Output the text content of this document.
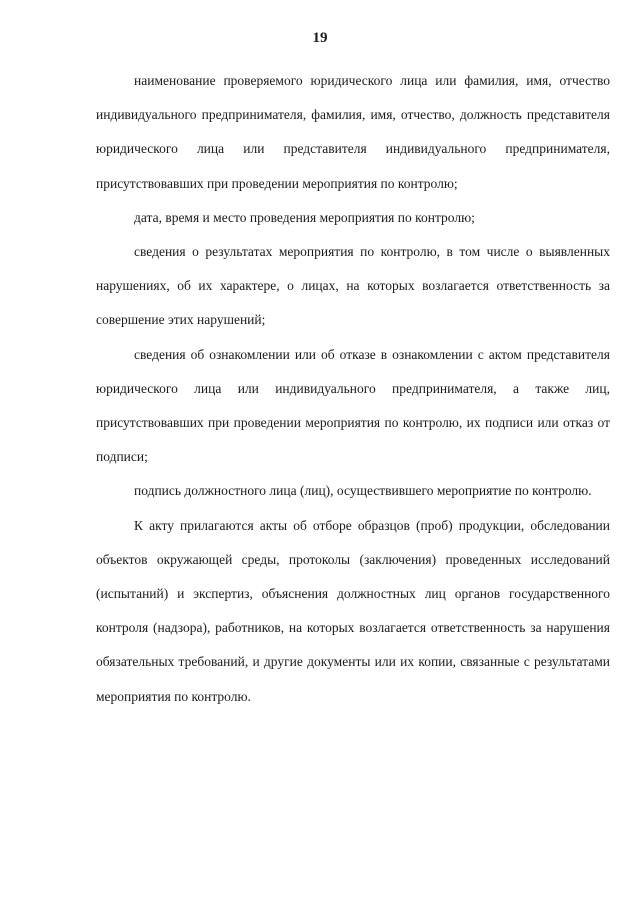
19

наименование проверяемого юридического лица или фамилия, имя, отчество индивидуального предпринимателя, фамилия, имя, отчество, должность представителя юридического лица или представителя индивидуального предпринимателя, присутствовавших при проведении мероприятия по контролю;

дата, время и место проведения мероприятия по контролю;

сведения о результатах мероприятия по контролю, в том числе о выявленных нарушениях, об их характере, о лицах, на которых возлагается ответственность за совершение этих нарушений;

сведения об ознакомлении или об отказе в ознакомлении с актом представителя юридического лица или индивидуального предпринимателя, а также лиц, присутствовавших при проведении мероприятия по контролю, их подписи или отказ от подписи;

подпись должностного лица (лиц), осуществившего мероприятие по контролю.

К акту прилагаются акты об отборе образцов (проб) продукции, обследовании объектов окружающей среды, протоколы (заключения) проведенных исследований (испытаний) и экспертиз, объяснения должностных лиц органов государственного контроля (надзора), работников, на которых возлагается ответственность за нарушения обязательных требований, и другие документы или их копии, связанные с результатами мероприятия по контролю.
